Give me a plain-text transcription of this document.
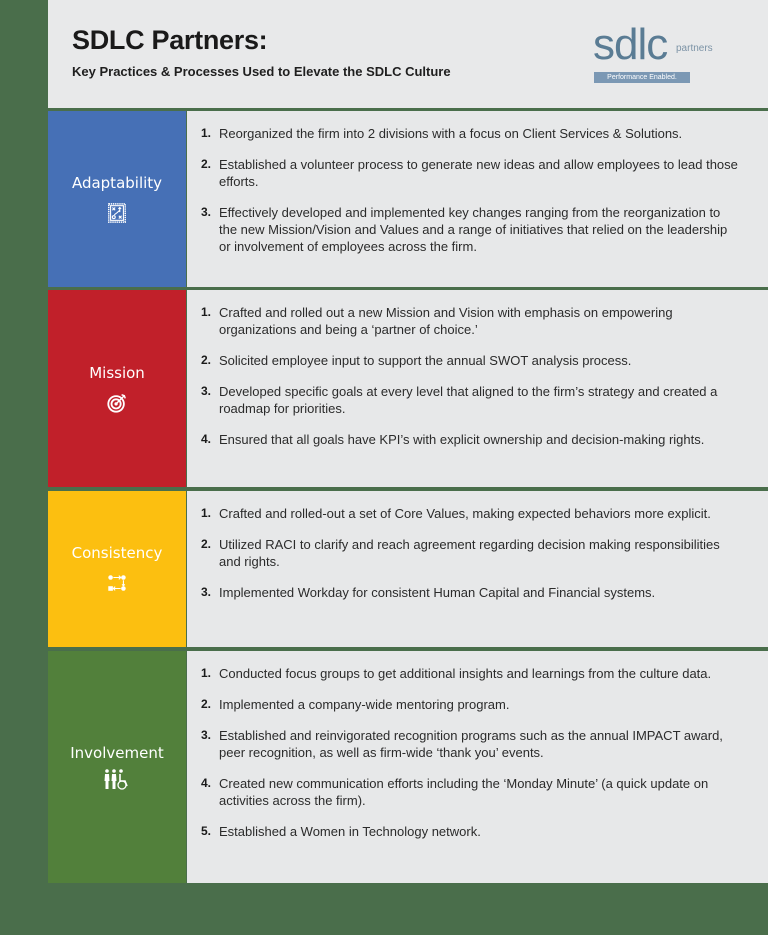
SDLC Partners:
Key Practices & Processes Used to Elevate the SDLC Culture
sdlc partners
Performance Enabled.
Adaptability
1. Reorganized the firm into 2 divisions with a focus on Client Services & Solutions.
2. Established a volunteer process to generate new ideas and allow employees to lead those efforts.
3. Effectively developed and implemented key changes ranging from the reorganization to the new Mission/Vision and Values and a range of initiatives that relied on the leadership or involvement of employees across the firm.
Mission
1. Crafted and rolled out a new Mission and Vision with emphasis on empowering organizations and being a ‘partner of choice.’
2. Solicited employee input to support the annual SWOT analysis process.
3. Developed specific goals at every level that aligned to the firm’s strategy and created a roadmap for priorities.
4. Ensured that all goals have KPI’s with explicit ownership and decision-making rights.
Consistency
1. Crafted and rolled-out a set of Core Values, making expected behaviors more explicit.
2. Utilized RACI to clarify and reach agreement regarding decision making responsibilities and rights.
3. Implemented Workday for consistent Human Capital and Financial systems.
Involvement
1. Conducted focus groups to get additional insights and learnings from the culture data.
2. Implemented a company-wide mentoring program.
3. Established and reinvigorated recognition programs such as the annual IMPACT award, peer recognition, as well as firm-wide ‘thank you’ events.
4. Created new communication efforts including the ‘Monday Minute’ (a quick update on activities across the firm).
5. Established a Women in Technology network.
